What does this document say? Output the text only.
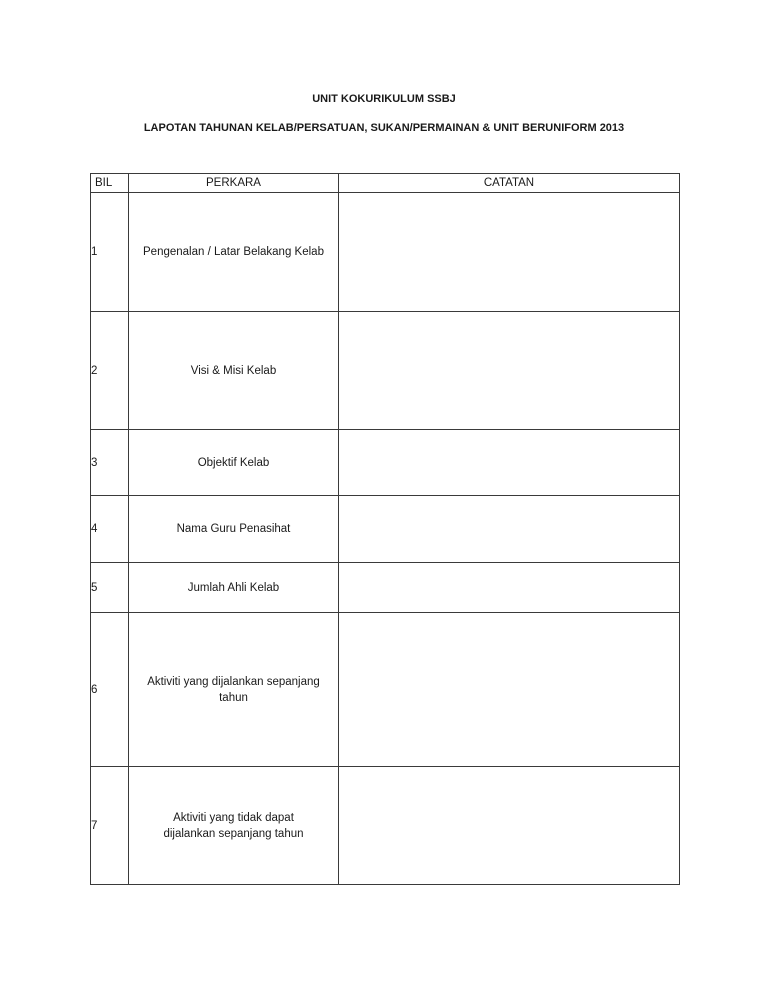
UNIT KOKURIKULUM SSBJ
LAPOTAN TAHUNAN KELAB/PERSATUAN, SUKAN/PERMAINAN & UNIT BERUNIFORM 2013
BIL	PERKARA	CATATAN
1	Pengenalan / Latar Belakang Kelab	
2	Visi & Misi Kelab	
3	Objektif Kelab	
4	Nama Guru Penasihat	
5	Jumlah Ahli Kelab	
6	Aktiviti yang dijalankan sepanjang
tahun	
7	Aktiviti yang tidak dapat
dijalankan sepanjang tahun	
